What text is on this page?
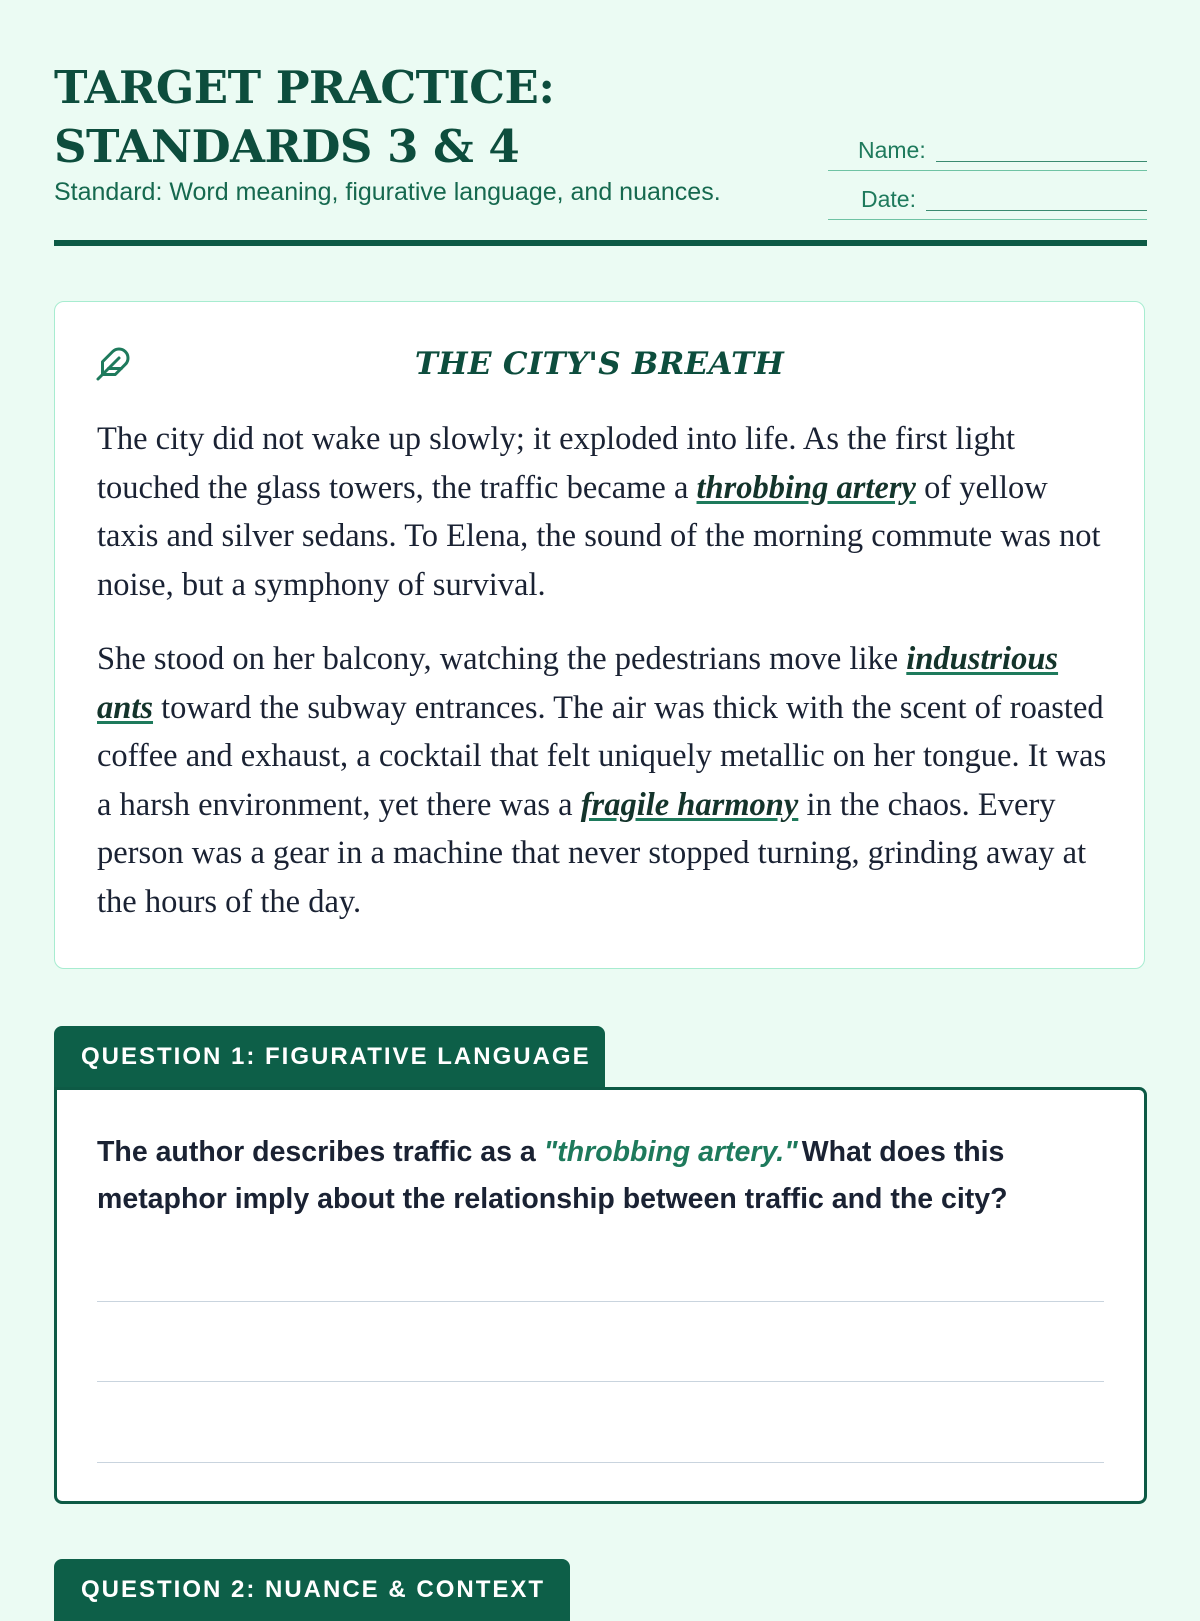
TARGET PRACTICE: STANDARDS 3 & 4
Standard: Word meaning, figurative language, and nuances.
Name:
Date:
THE CITY'S BREATH

The city did not wake up slowly; it exploded into life. As the first light touched the glass towers, the traffic became a throbbing artery of yellow taxis and silver sedans. To Elena, the sound of the morning commute was not noise, but a symphony of survival.

She stood on her balcony, watching the pedestrians move like industrious ants toward the subway entrances. The air was thick with the scent of roasted coffee and exhaust, a cocktail that felt uniquely metallic on her tongue. It was a harsh environment, yet there was a fragile harmony in the chaos. Every person was a gear in a machine that never stopped turning, grinding away at the hours of the day.

QUESTION 1: FIGURATIVE LANGUAGE
The author describes traffic as a "throbbing artery." What does this metaphor imply about the relationship between traffic and the city?
QUESTION 2: NUANCE & CONTEXT
